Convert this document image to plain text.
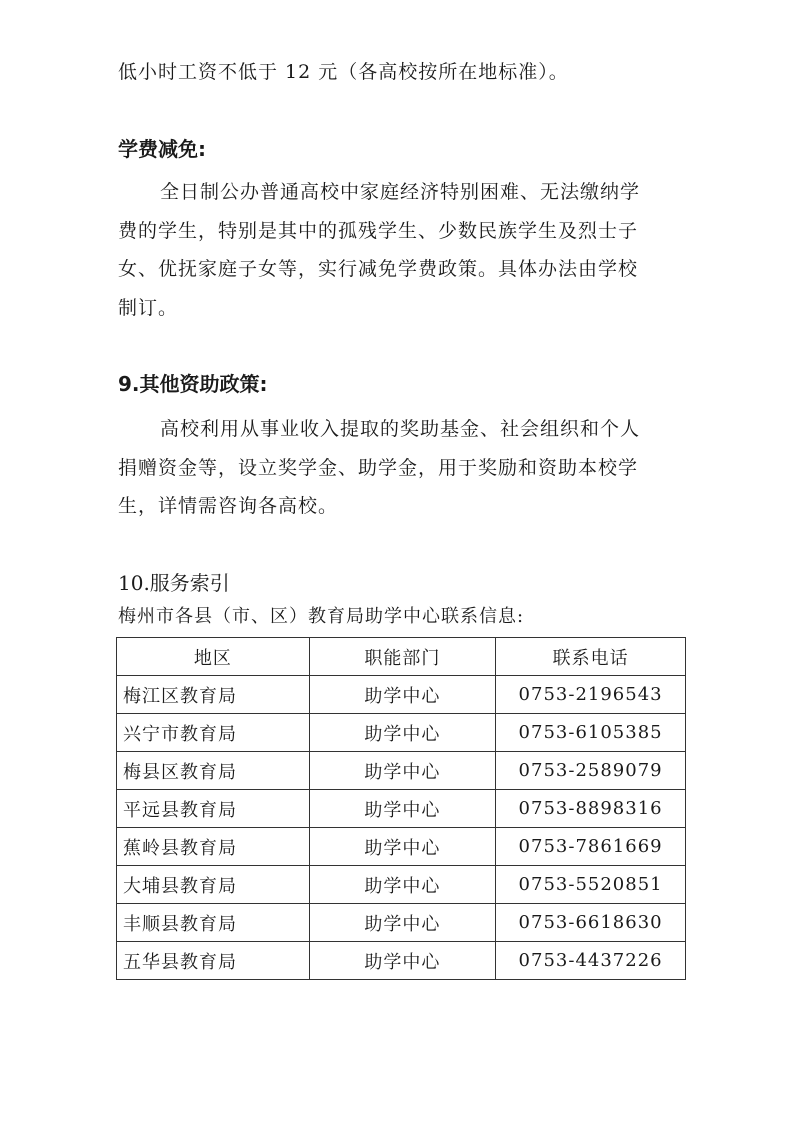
低小时工资不低于 12 元（各高校按所在地标准）。
学费减免:
全日制公办普通高校中家庭经济特别困难、无法缴纳学
费的学生，特别是其中的孤残学生、少数民族学生及烈士子
女、优抚家庭子女等，实行减免学费政策。具体办法由学校
制订。
9.其他资助政策:
高校利用从事业收入提取的奖助基金、社会组织和个人
捐赠资金等，设立奖学金、助学金，用于奖励和资助本校学
生，详情需咨询各高校。
10.服务索引
梅州市各县（市、区）教育局助学中心联系信息:
地区	职能部门	联系电话
梅江区教育局	助学中心	0753-2196543
兴宁市教育局	助学中心	0753-6105385
梅县区教育局	助学中心	0753-2589079
平远县教育局	助学中心	0753-8898316
蕉岭县教育局	助学中心	0753-7861669
大埔县教育局	助学中心	0753-5520851
丰顺县教育局	助学中心	0753-6618630
五华县教育局	助学中心	0753-4437226
